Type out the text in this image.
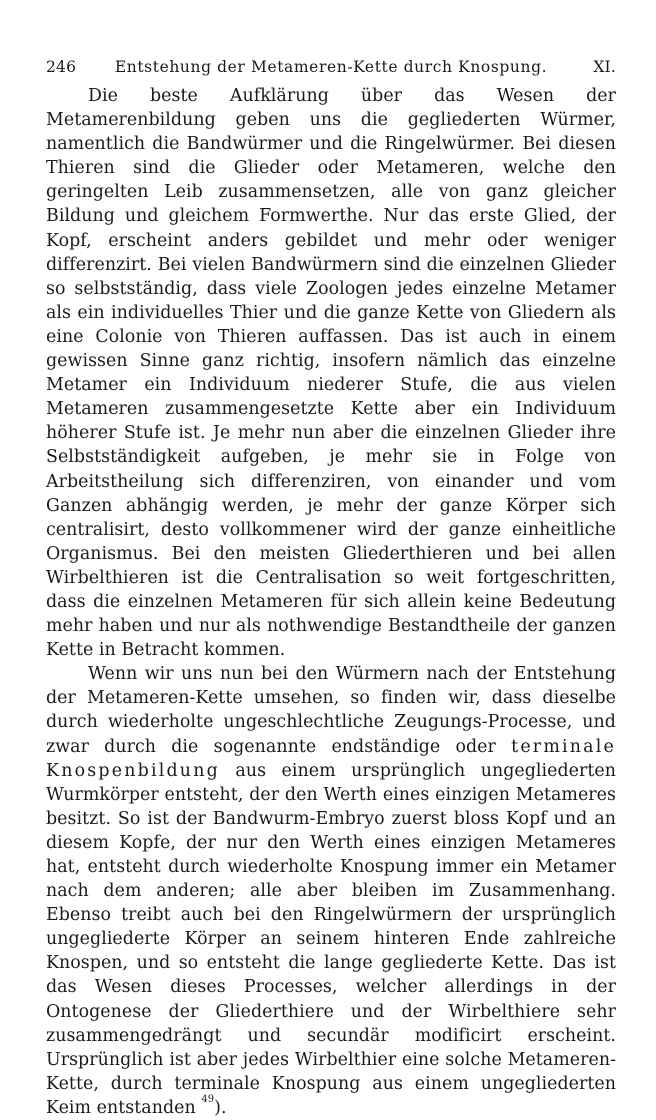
246	Entstehung der Metameren-Kette durch Knospung.	XI.

Die beste Aufklärung über das Wesen der Metamerenbildung geben uns die gegliederten Würmer, namentlich die Bandwürmer und die Ringelwürmer. Bei diesen Thieren sind die Glieder oder Metameren, welche den geringelten Leib zusammensetzen, alle von ganz gleicher Bildung und gleichem Formwerthe. Nur das erste Glied, der Kopf, erscheint anders gebildet und mehr oder weniger differenzirt. Bei vielen Bandwürmern sind die einzelnen Glieder so selbstständig, dass viele Zoologen jedes einzelne Metamer als ein individuelles Thier und die ganze Kette von Gliedern als eine Colonie von Thieren auffassen. Das ist auch in einem gewissen Sinne ganz richtig, insofern nämlich das einzelne Metamer ein Individuum niederer Stufe, die aus vielen Metameren zusammengesetzte Kette aber ein Individuum höherer Stufe ist. Je mehr nun aber die einzelnen Glieder ihre Selbstständigkeit aufgeben, je mehr sie in Folge von Arbeitstheilung sich differenziren, von einander und vom Ganzen abhängig werden, je mehr der ganze Körper sich centralisirt, desto vollkommener wird der ganze einheitliche Organismus. Bei den meisten Gliederthieren und bei allen Wirbelthieren ist die Centralisation so weit fortgeschritten, dass die einzelnen Metameren für sich allein keine Bedeutung mehr haben und nur als nothwendige Bestandtheile der ganzen Kette in Betracht kommen.

Wenn wir uns nun bei den Würmern nach der Entstehung der Metameren-Kette umsehen, so finden wir, dass dieselbe durch wiederholte ungeschlechtliche Zeugungs-Processe, und zwar durch die sogenannte endständige oder terminale Knospenbildung aus einem ursprünglich ungegliederten Wurmkörper entsteht, der den Werth eines einzigen Metameres besitzt. So ist der Bandwurm-Embryo zuerst bloss Kopf und an diesem Kopfe, der nur den Werth eines einzigen Metameres hat, entsteht durch wiederholte Knospung immer ein Metamer nach dem anderen; alle aber bleiben im Zusammenhang. Ebenso treibt auch bei den Ringelwürmern der ursprünglich ungegliederte Körper an seinem hinteren Ende zahlreiche Knospen, und so entsteht die lange gegliederte Kette. Das ist das Wesen dieses Processes, welcher allerdings in der Ontogenese der Gliederthiere und der Wirbelthiere sehr zusammengedrängt und secundär modificirt erscheint. Ursprünglich ist aber jedes Wirbelthier eine solche Metameren-Kette, durch terminale Knospung aus einem ungegliederten Keim entstanden $^{49}$).
